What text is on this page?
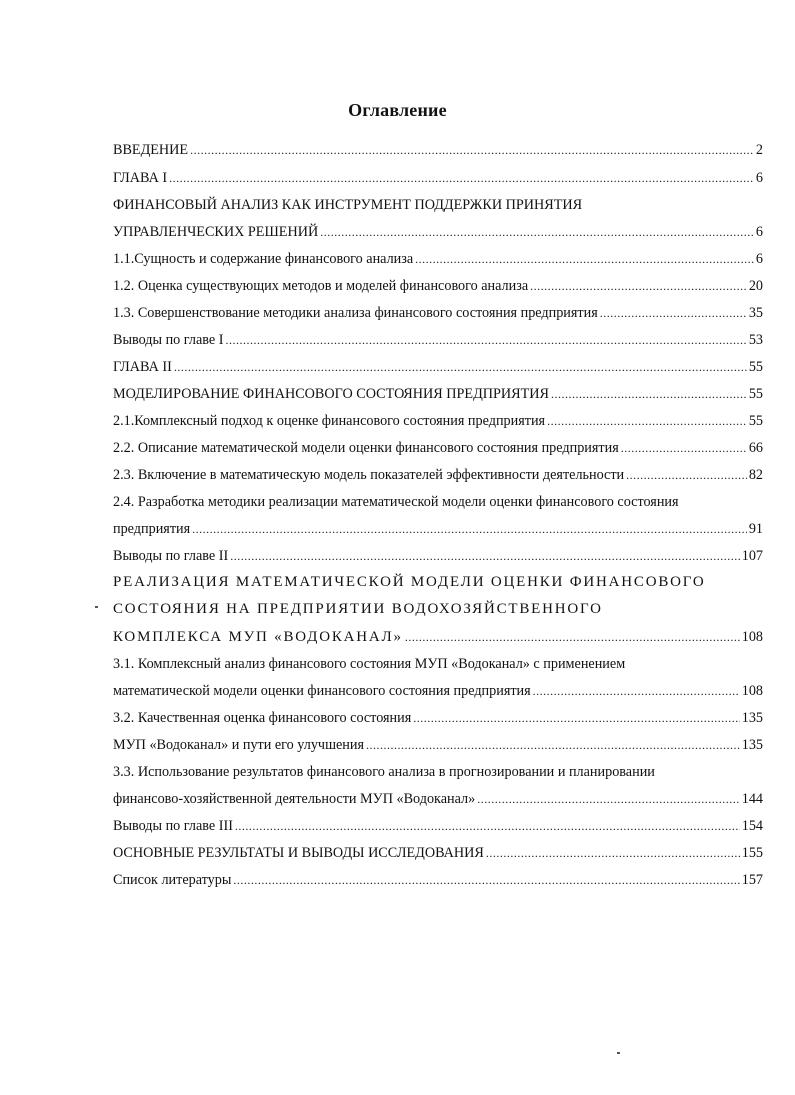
Оглавление
ВВЕДЕНИЕ .....	2
ГЛАВА I .....	6
ФИНАНСОВЫЙ АНАЛИЗ КАК ИНСТРУМЕНТ ПОДДЕРЖКИ ПРИНЯТИЯ
УПРАВЛЕНЧЕСКИХ РЕШЕНИЙ .....	6
1.1. Сущность и содержание финансового анализа .....	6
1.2. Оценка существующих методов и моделей финансового анализа .....	20
1.3. Совершенствование методики анализа финансового состояния предприятия .....	35
Выводы по главе I .....	53
ГЛАВА II .....	55
МОДЕЛИРОВАНИЕ ФИНАНСОВОГО СОСТОЯНИЯ ПРЕДПРИЯТИЯ .....	55
2.1. Комплексный подход к оценке финансового состояния предприятия .....	55
2.2. Описание математической модели оценки финансового состояния предприятия .....	66
2.3. Включение в математическую модель показателей эффективности деятельности .....	82
2.4. Разработка методики реализации математической модели оценки финансового состояния
предприятия .....	91
Выводы по главе II .....	107
РЕАЛИЗАЦИЯ МАТЕМАТИЧЕСКОЙ МОДЕЛИ ОЦЕНКИ ФИНАНСОВОГО
СОСТОЯНИЯ НА ПРЕДПРИЯТИИ ВОДОХОЗЯЙСТВЕННОГО
КОМПЛЕКСА МУП «ВОДОКАНАЛ» .....	108
3.1. Комплексный анализ финансового состояния МУП «Водоканал» с применением
математической модели оценки финансового состояния предприятия .....	108
3.2. Качественная оценка финансового состояния .....	135
МУП «Водоканал» и пути его улучшения .....	135
3.3. Использование результатов финансового анализа в прогнозировании и планировании
финансово-хозяйственной деятельности МУП «Водоканал» .....	144
Выводы по главе III .....	154
ОСНОВНЫЕ РЕЗУЛЬТАТЫ И ВЫВОДЫ ИССЛЕДОВАНИЯ .....	155
Список литературы .....	157
